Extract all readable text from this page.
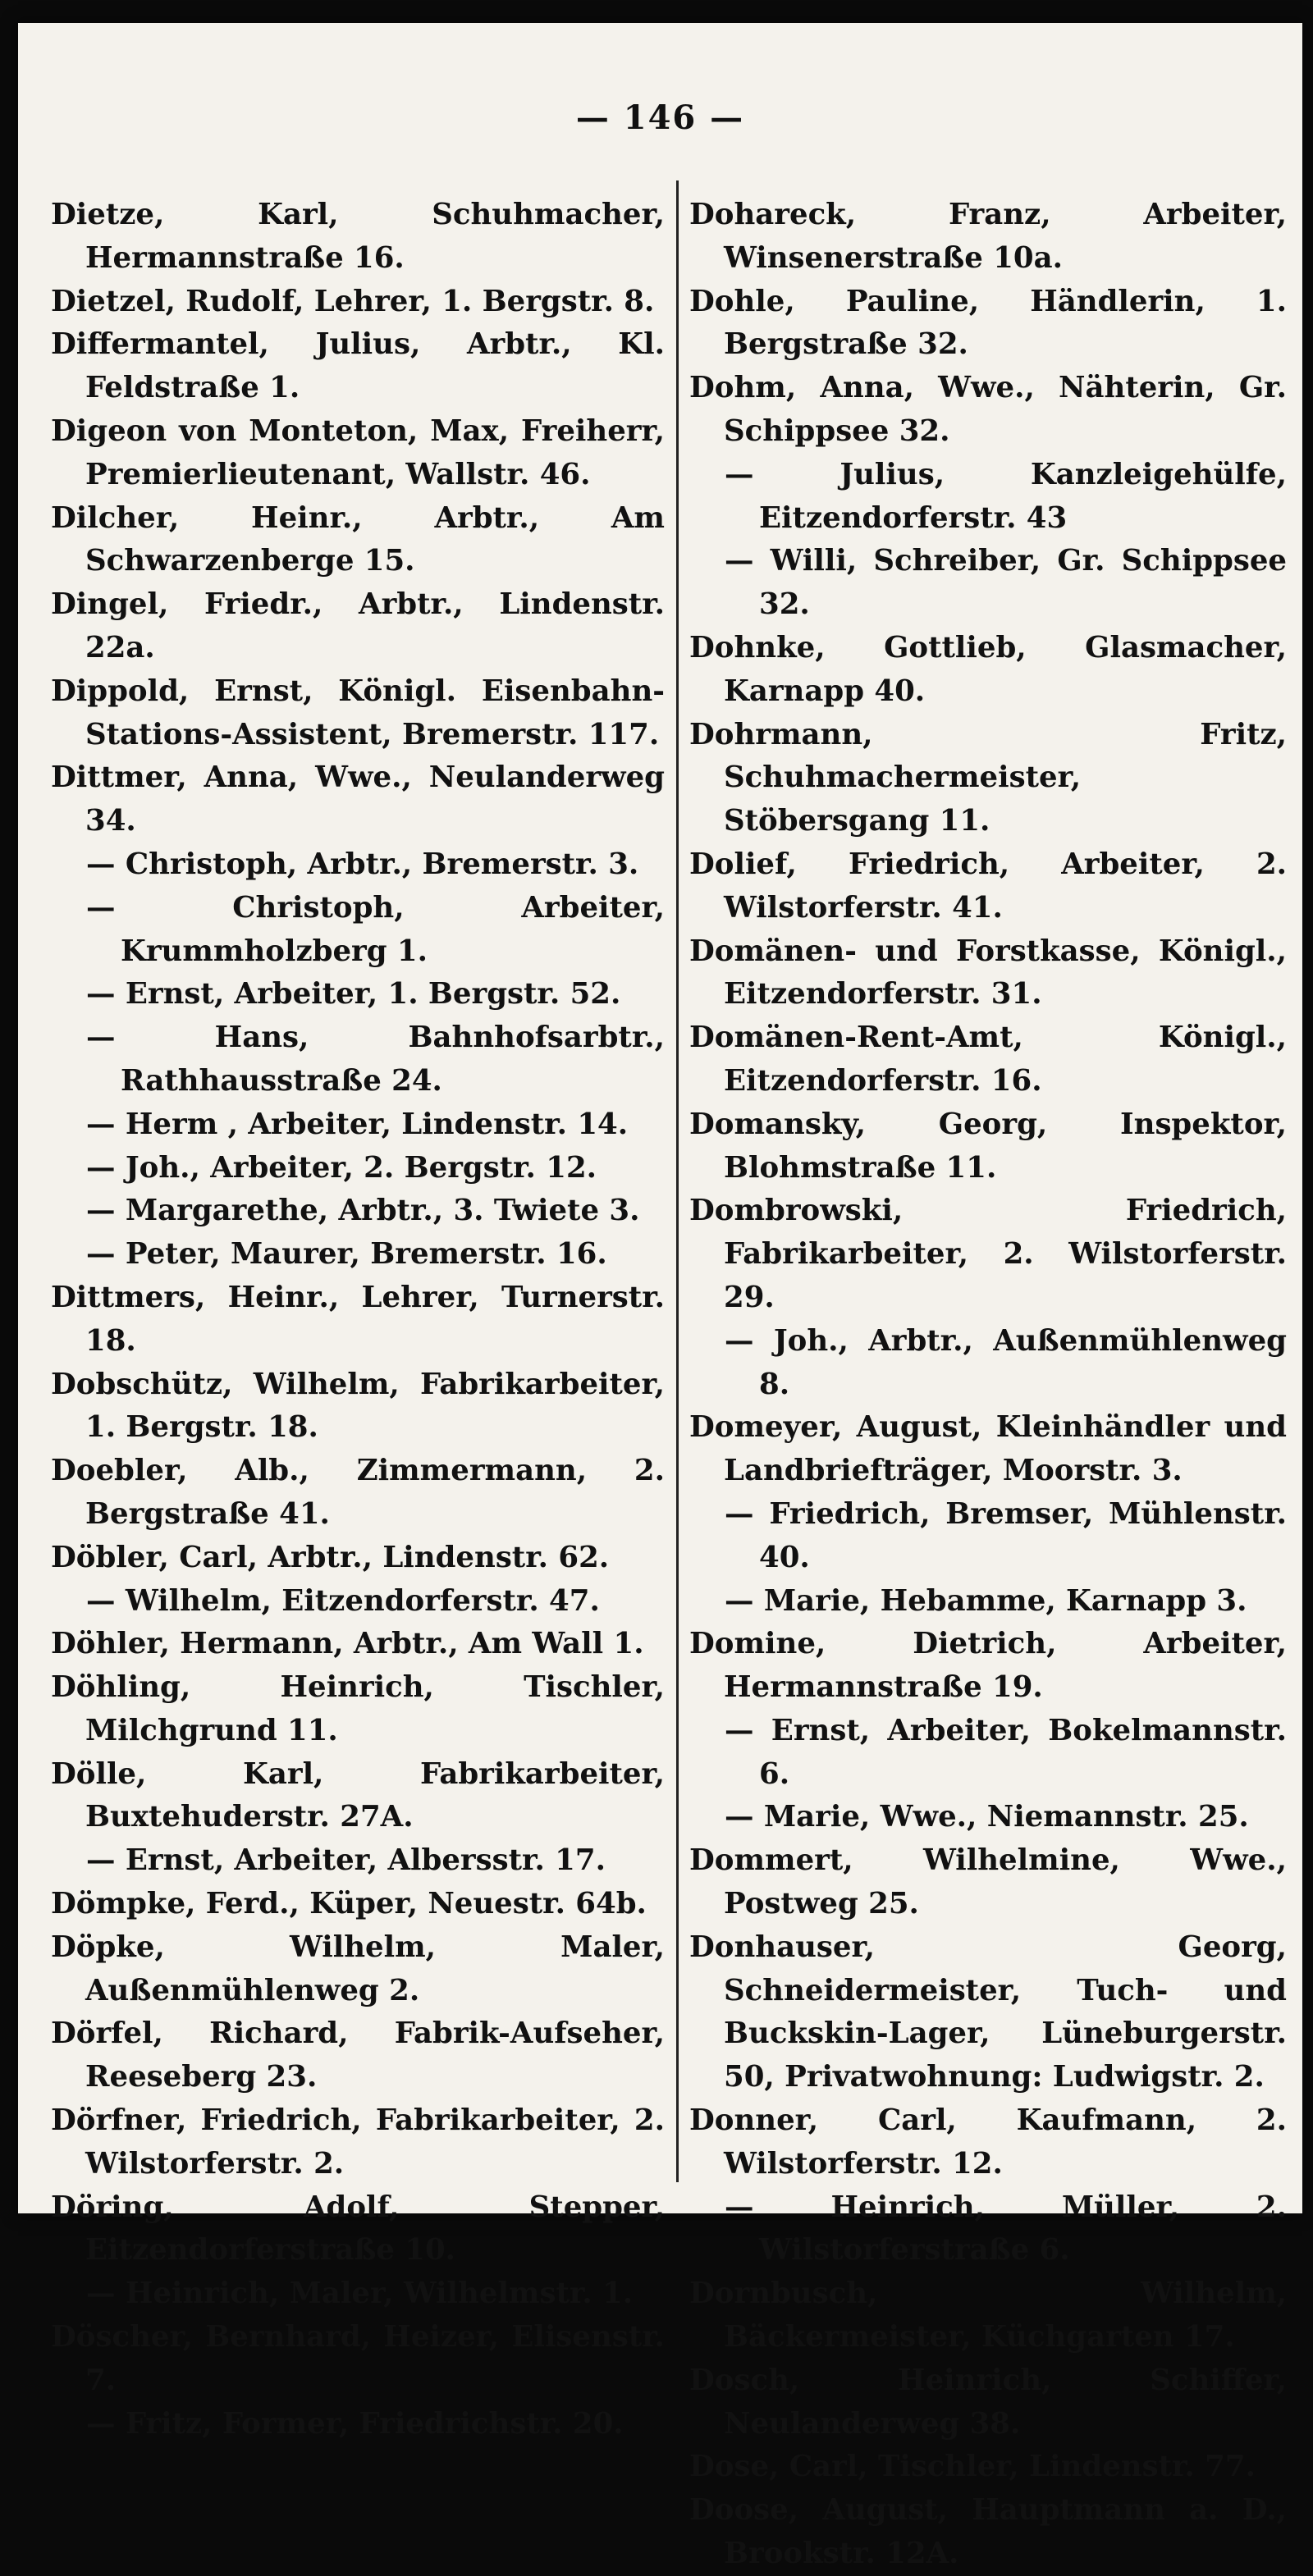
— 146 —

Dietze, Karl, Schuhmacher, Hermannstraße 16.

Dietzel, Rudolf, Lehrer, 1. Bergstr. 8.

Differmantel, Julius, Arbtr., Kl. Feldstraße 1.

Digeon von Monteton, Max, Freiherr, Premierlieutenant, Wallstr. 46.

Dilcher, Heinr., Arbtr., Am Schwarzenberge 15.

Dingel, Friedr., Arbtr., Lindenstr. 22a.

Dippold, Ernst, Königl. Eisenbahn-Stations-Assistent, Bremerstr. 117.

Dittmer, Anna, Wwe., Neulanderweg 34.

— Christoph, Arbtr., Bremerstr. 3.

— Christoph, Arbeiter, Krummholzberg 1.

— Ernst, Arbeiter, 1. Bergstr. 52.

— Hans, Bahnhofsarbtr., Rathhausstraße 24.

— Herm , Arbeiter, Lindenstr. 14.

— Joh., Arbeiter, 2. Bergstr. 12.

— Margarethe, Arbtr., 3. Twiete 3.

— Peter, Maurer, Bremerstr. 16.

Dittmers, Heinr., Lehrer, Turnerstr. 18.

Dobschütz, Wilhelm, Fabrikarbeiter, 1. Bergstr. 18.

Doebler, Alb., Zimmermann, 2. Bergstraße 41.

Döbler, Carl, Arbtr., Lindenstr. 62.

— Wilhelm, Eitzendorferstr. 47.

Döhler, Hermann, Arbtr., Am Wall 1.

Döhling, Heinrich, Tischler, Milchgrund 11.

Dölle, Karl, Fabrikarbeiter, Buxtehuderstr. 27A.

— Ernst, Arbeiter, Albersstr. 17.

Dömpke, Ferd., Küper, Neuestr. 64b.

Döpke, Wilhelm, Maler, Außenmühlenweg 2.

Dörfel, Richard, Fabrik-Aufseher, Reeseberg 23.

Dörfner, Friedrich, Fabrikarbeiter, 2. Wilstorferstr. 2.

Döring, Adolf, Stepper, Eitzendorferstraße 10.

— Heinrich, Maler, Wilhelmstr. 1.

Döscher, Bernhard, Heizer, Elisenstr. 7.

— Fritz, Former, Friedrichstr. 20.

Dohareck, Franz, Arbeiter, Winsenerstraße 10a.

Dohle, Pauline, Händlerin, 1. Bergstraße 32.

Dohm, Anna, Wwe., Nähterin, Gr. Schippsee 32.

— Julius, Kanzleigehülfe, Eitzendorferstr. 43

— Willi, Schreiber, Gr. Schippsee 32.

Dohnke, Gottlieb, Glasmacher, Karnapp 40.

Dohrmann, Fritz, Schuhmachermeister, Stöbersgang 11.

Dolief, Friedrich, Arbeiter, 2. Wilstorferstr. 41.

Domänen- und Forstkasse, Königl., Eitzendorferstr. 31.

Domänen-Rent-Amt, Königl., Eitzendorferstr. 16.

Domansky, Georg, Inspektor, Blohmstraße 11.

Dombrowski, Friedrich, Fabrikarbeiter, 2. Wilstorferstr. 29.

— Joh., Arbtr., Außenmühlenweg 8.

Domeyer, August, Kleinhändler und Landbriefträger, Moorstr. 3.

— Friedrich, Bremser, Mühlenstr. 40.

— Marie, Hebamme, Karnapp 3.

Domine, Dietrich, Arbeiter, Hermannstraße 19.

— Ernst, Arbeiter, Bokelmannstr. 6.

— Marie, Wwe., Niemannstr. 25.

Dommert, Wilhelmine, Wwe., Postweg 25.

Donhauser, Georg, Schneidermeister, Tuch- und Buckskin-Lager, Lüneburgerstr. 50, Privatwohnung: Ludwigstr. 2.

Donner, Carl, Kaufmann, 2. Wilstorferstr. 12.

— Heinrich, Müller, 2. Wilstorferstraße 6.

Dornbusch, Wilhelm, Bäckermeister, Küchgarten 17.

Dosch, Heinrich, Schiffer, Neulanderweg 38.

Dose, Carl, Tischler, Lindenstr. 77.

Doose, August, Hauptmann a. D., Brookstr. 12A.
